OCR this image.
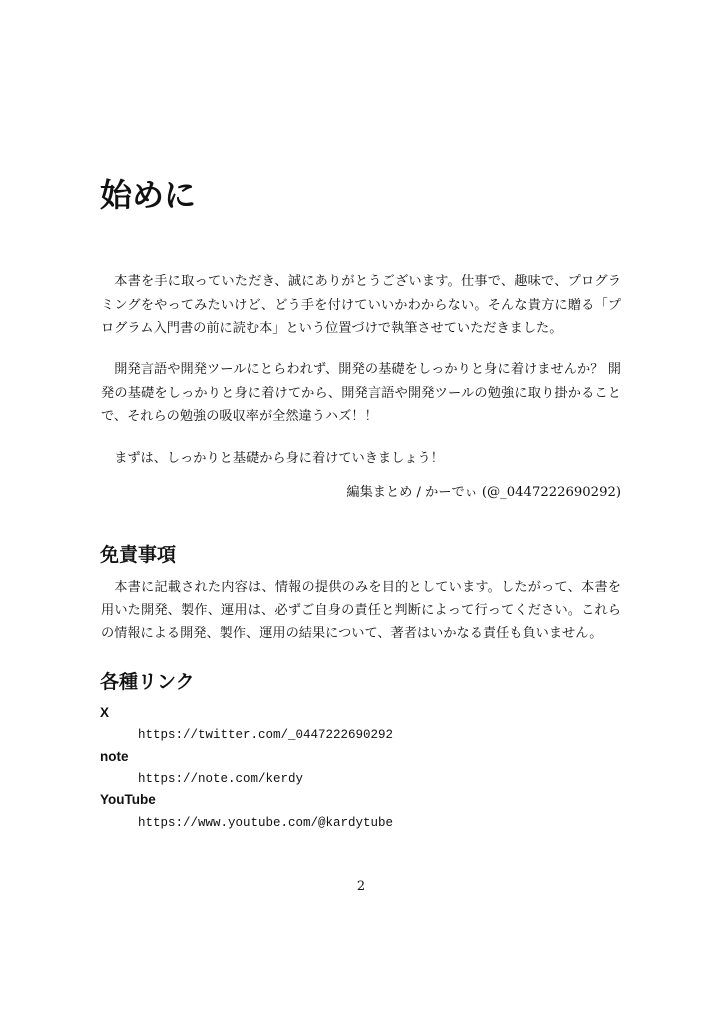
始めに

本書を手に取っていただき、誠にありがとうございます。仕事で、趣味で、プログラミングをやってみたいけど、どう手を付けていいかわからない。そんな貴方に贈る「プログラム入門書の前に読む本」という位置づけで執筆させていただきました。

開発言語や開発ツールにとらわれず、開発の基礎をしっかりと身に着けませんか？ 開発の基礎をしっかりと身に着けてから、開発言語や開発ツールの勉強に取り掛かることで、それらの勉強の吸収率が全然違うハズ！！

まずは、しっかりと基礎から身に着けていきましょう！

編集まとめ / かーでぃ (@_0447222690292)
免責事項

本書に記載された内容は、情報の提供のみを目的としています。したがって、本書を用いた開発、製作、運用は、必ずご自身の責任と判断によって行ってください。これらの情報による開発、製作、運用の結果について、著者はいかなる責任も負いません。

各種リンク
X
https://twitter.com/_0447222690292
note
https://note.com/kerdy
YouTube
https://www.youtube.com/@kardytube
2
